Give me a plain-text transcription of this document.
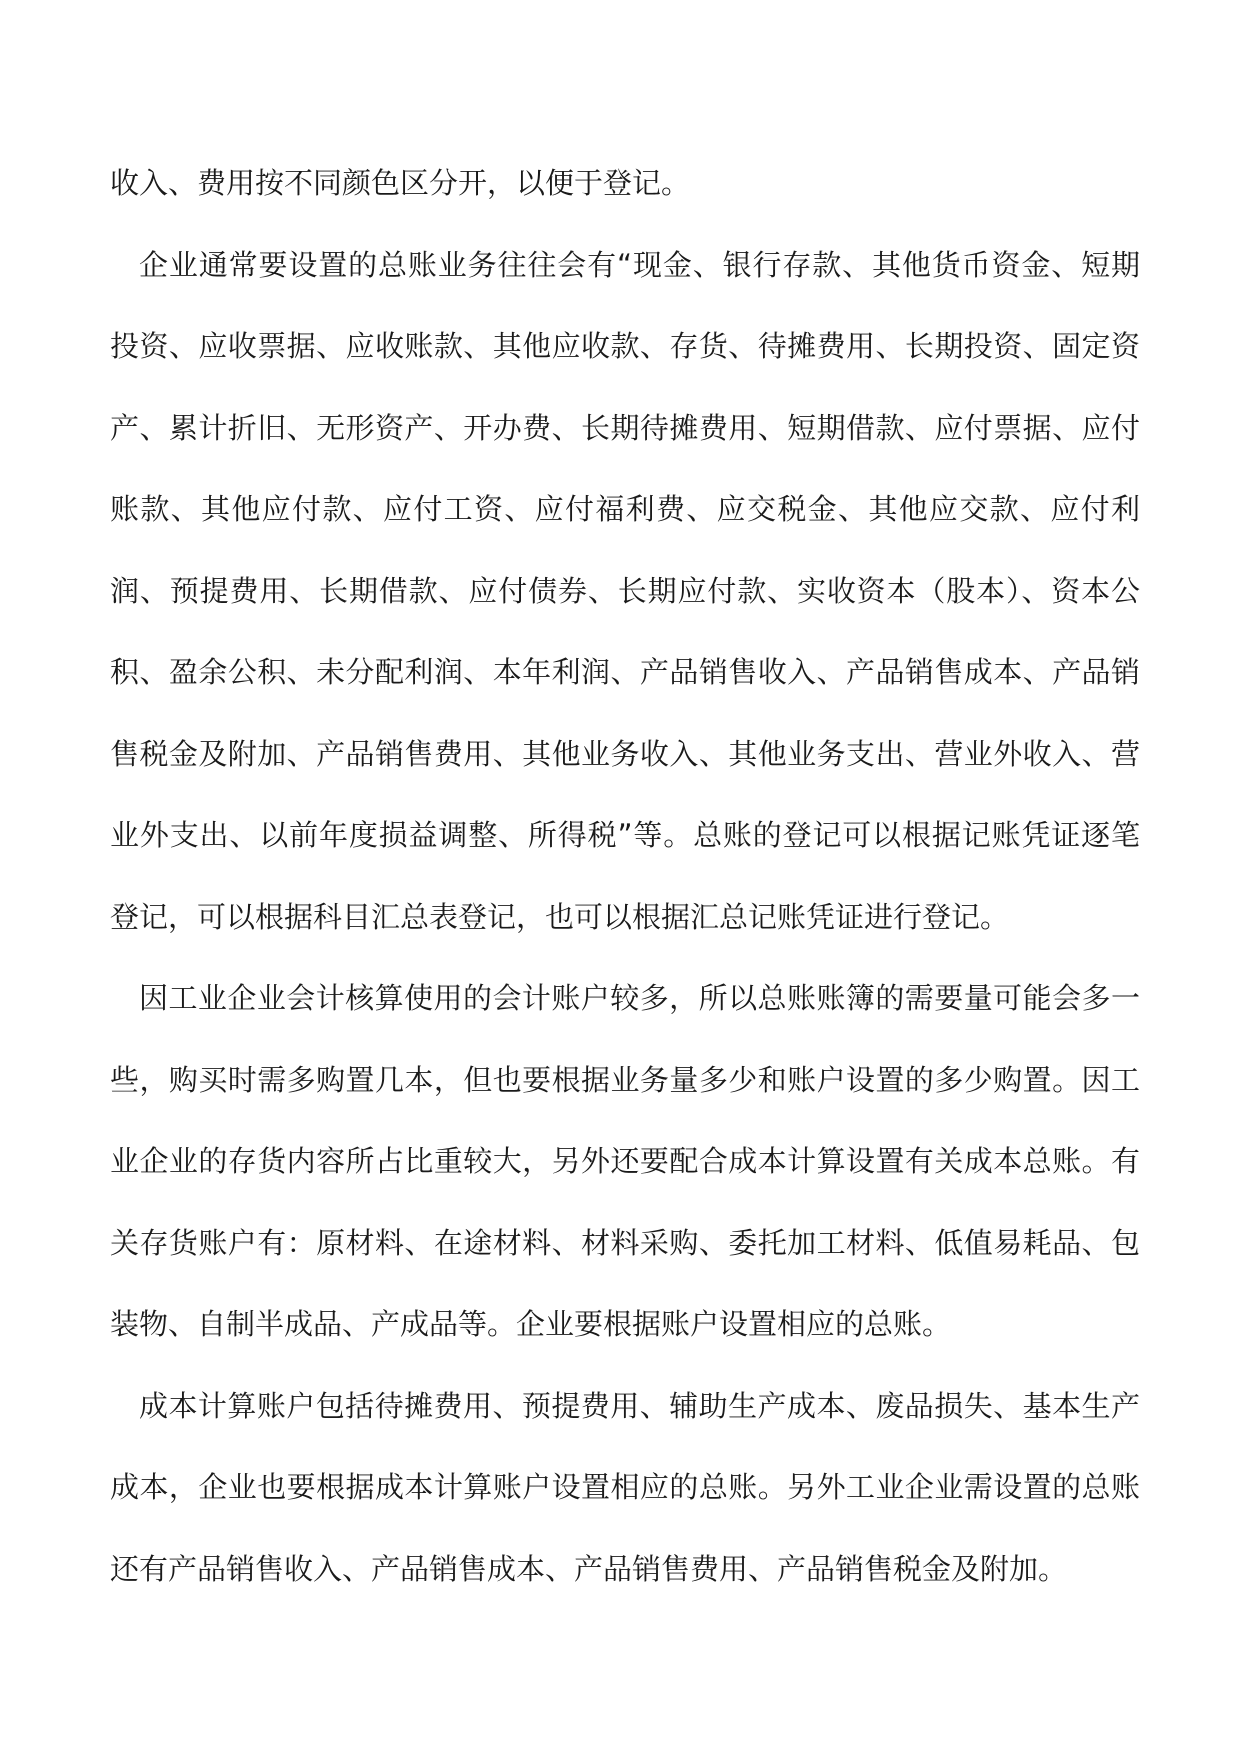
收入、费用按不同颜色区分开，以便于登记。

企业通常要设置的总账业务往往会有“现金、银行存款、其他货币资金、短期投资、应收票据、应收账款、其他应收款、存货、待摊费用、长期投资、固定资产、累计折旧、无形资产、开办费、长期待摊费用、短期借款、应付票据、应付账款、其他应付款、应付工资、应付福利费、应交税金、其他应交款、应付利润、预提费用、长期借款、应付债券、长期应付款、实收资本（股本）、资本公积、盈余公积、未分配利润、本年利润、产品销售收入、产品销售成本、产品销售税金及附加、产品销售费用、其他业务收入、其他业务支出、营业外收入、营业外支出、以前年度损益调整、所得税”等。总账的登记可以根据记账凭证逐笔登记，可以根据科目汇总表登记，也可以根据汇总记账凭证进行登记。

因工业企业会计核算使用的会计账户较多，所以总账账簿的需要量可能会多一些，购买时需多购置几本，但也要根据业务量多少和账户设置的多少购置。因工业企业的存货内容所占比重较大，另外还要配合成本计算设置有关成本总账。有关存货账户有：原材料、在途材料、材料采购、委托加工材料、低值易耗品、包装物、自制半成品、产成品等。企业要根据账户设置相应的总账。

成本计算账户包括待摊费用、预提费用、辅助生产成本、废品损失、基本生产成本，企业也要根据成本计算账户设置相应的总账。另外工业企业需设置的总账还有产品销售收入、产品销售成本、产品销售费用、产品销售税金及附加。
